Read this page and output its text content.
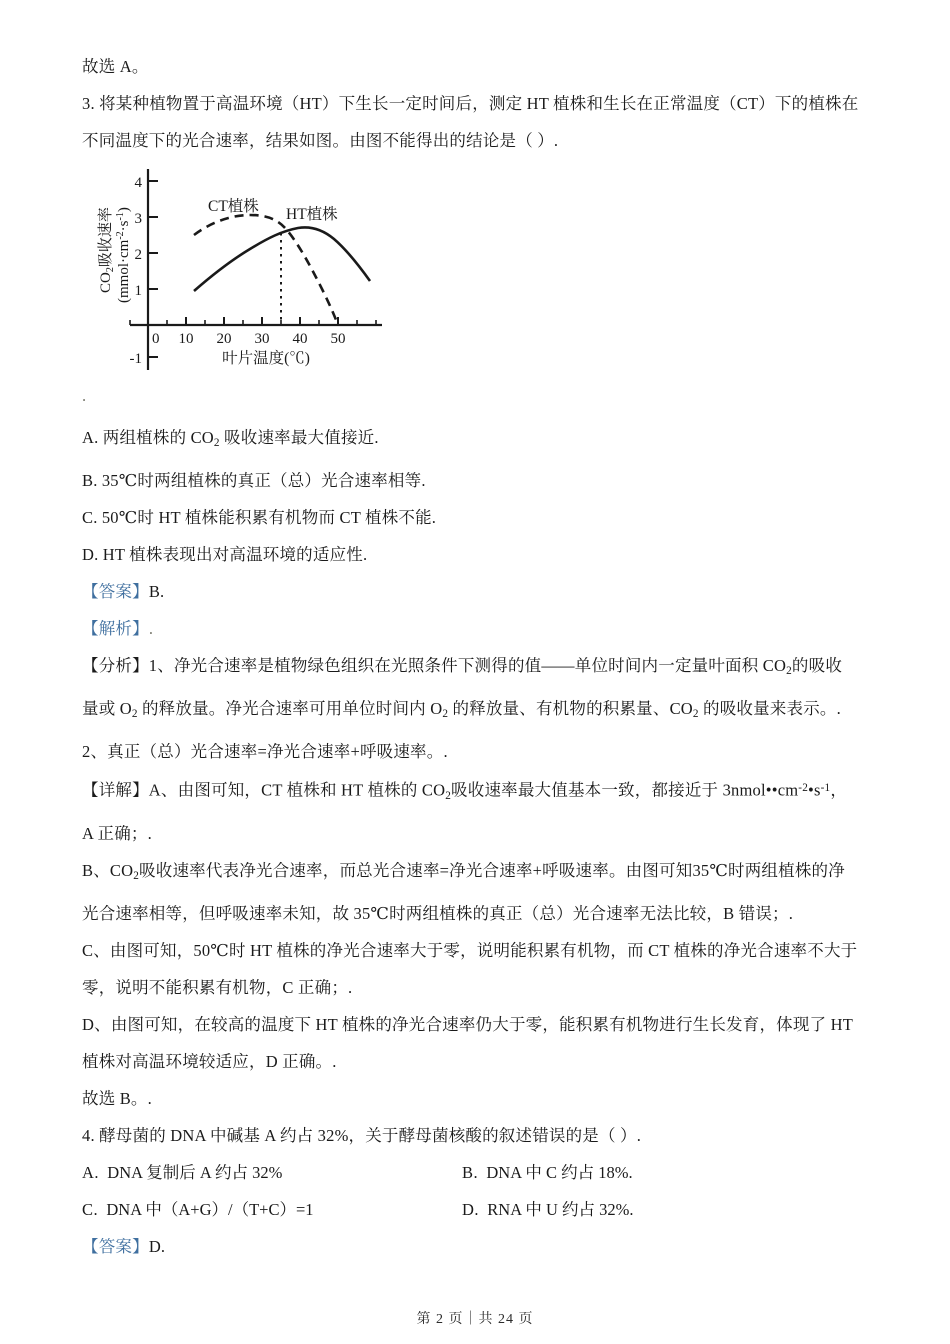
故选 A。
3. 将某种植物置于高温环境（HT）下生长一定时间后，测定 HT 植株和生长在正常温度（CT）下的植株在
不同温度下的光合速率，结果如图。由图不能得出的结论是（ ）.
4
3
2
1
-1
0 10 20 30 40 50
叶片温度(℃)
$CO_2$吸收速率
$(mmol\cdot cm^{-2}\cdot s^{-1})$	CT植株 HT植株
.
A. 两组植株的 $CO_2$ 吸收速率最大值接近.
B. 35℃时两组植株的真正（总）光合速率相等.
C. 50℃时 HT 植株能积累有机物而 CT 植株不能.
D. HT 植株表现出对高温环境的适应性.
【答案】B.
【解析】.
【分析】1、净光合速率是植物绿色组织在光照条件下测得的值——单位时间内一定量叶面积 $CO_2$的吸收
量或 $O_2$ 的释放量。净光合速率可用单位时间内 $O_2$ 的释放量、有机物的积累量、$CO_2$ 的吸收量来表示。.
2、真正（总）光合速率=净光合速率+呼吸速率。.
【详解】A、由图可知，CT 植株和 HT 植株的 $CO_2$吸收速率最大值基本一致，都接近于 $3nmol••cm^{-2}•s^{-1}$，
A 正确；.
B、$CO_2$吸收速率代表净光合速率，而总光合速率=净光合速率+呼吸速率。由图可知35℃时两组植株的净
光合速率相等，但呼吸速率未知，故 35℃时两组植株的真正（总）光合速率无法比较，B 错误；.
C、由图可知，50℃时 HT 植株的净光合速率大于零，说明能积累有机物，而 CT 植株的净光合速率不大于
零，说明不能积累有机物，C 正确；.
D、由图可知，在较高的温度下 HT 植株的净光合速率仍大于零，能积累有机物进行生长发育，体现了 HT
植株对高温环境较适应，D 正确。.
故选 B。.
4. 酵母菌的 DNA 中碱基 A 约占 32%，关于酵母菌核酸的叙述错误的是（ ）.
A. DNA 复制后 A 约占 32%	B. DNA 中 C 约占 18%.
C. DNA 中（A+G）/（T+C）=1	D. RNA 中 U 约占 32%.
【答案】D.
第 2 页｜共 24 页
